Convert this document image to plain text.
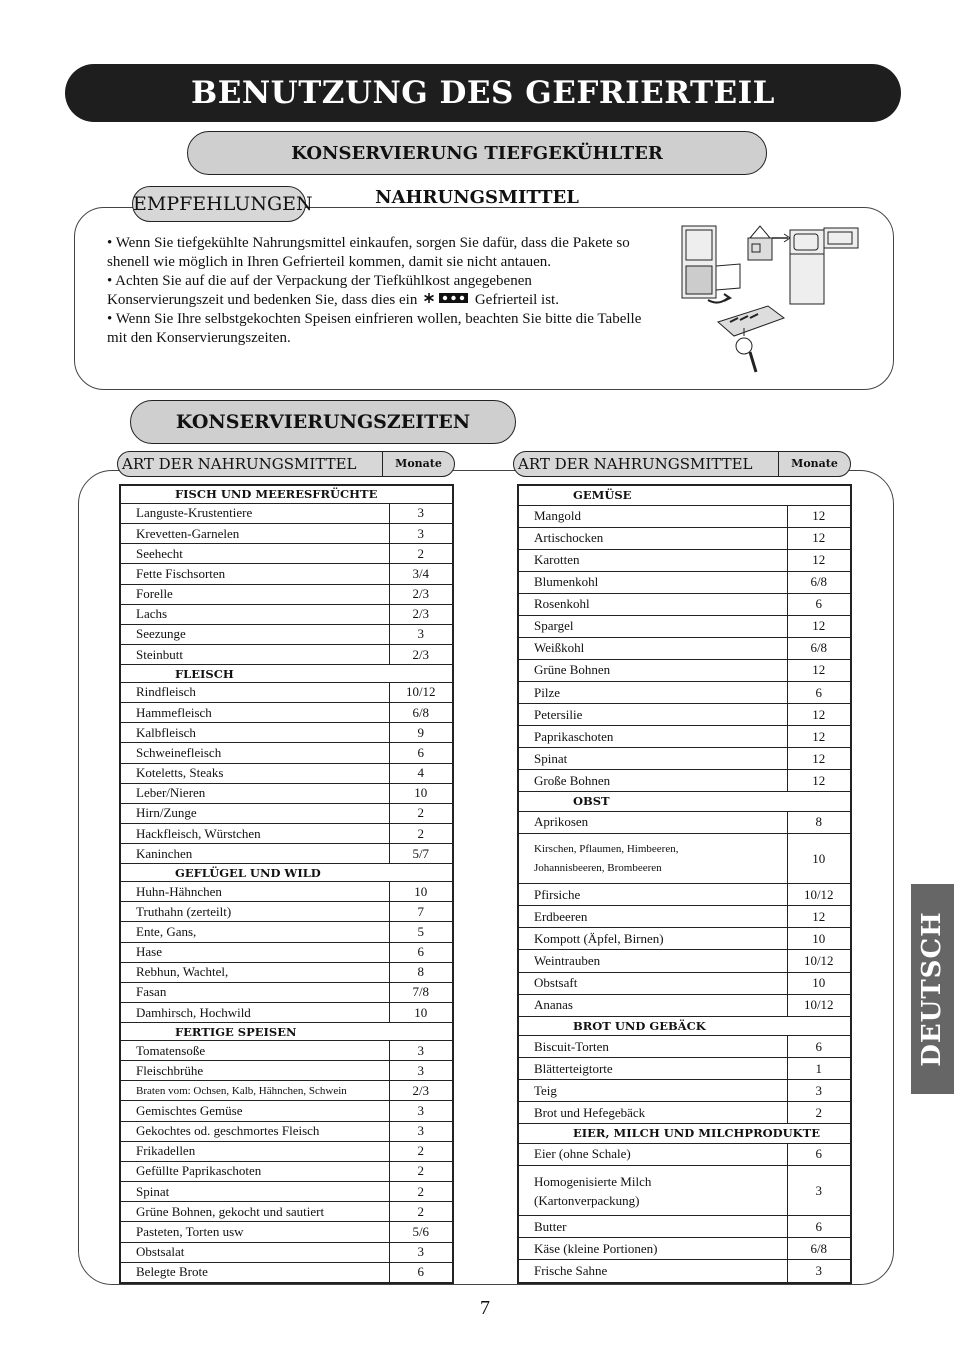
BENUTZUNG DES GEFRIERTEIL
KONSERVIERUNG TIEFGEKÜHLTER NAHRUNGSMITTEL
EMPFEHLUNGEN

• Wenn Sie tiefgekühlte Nahrungsmittel einkaufen, sorgen Sie dafür, dass die Pakete so shenell wie möglich in Ihren Gefrierteil kommen, damit sie nicht antauen.

• Achten Sie auf die auf der Verpackung der Tiefkühlkost angegebenen Konservierungszeit und bedenken Sie, dass dies ein	Gefrierteil ist.

• Wenn Sie Ihre selbstgekochten Speisen einfrieren wollen, beachten Sie bitte die Tabelle mit den Konservierungszeiten.

KONSERVIERUNGSZEITEN
ART DER NAHRUNGSMITTEL	Monate	ART DER NAHRUNGSMITTEL	Monate
FISCH UND MEERESFRÜCHTE	
Languste-Krustentiere	3
Krevetten-Garnelen	3
Seehecht	2
Fette Fischsorten	3/4
Forelle	2/3
Lachs	2/3
Seezunge	3
Steinbutt	2/3
FLEISCH	
Rindfleisch	10/12
Hammefleisch	6/8
Kalbfleisch	9
Schweinefleisch	6
Koteletts, Steaks	4
Leber/Nieren	10
Hirn/Zunge	2
Hackfleisch, Würstchen	2
Kaninchen	5/7
GEFLÜGEL UND WILD	
Huhn-Hähnchen	10
Truthahn (zerteilt)	7
Ente, Gans,	5
Hase	6
Rebhun, Wachtel,	8
Fasan	7/8
Damhirsch, Hochwild	10
FERTIGE SPEISEN	
Tomatensoße	3
Fleischbrühe	3
Braten vom: Ochsen, Kalb, Hähnchen, Schwein	2/3
Gemischtes Gemüse	3
Gekochtes od. geschmortes Fleisch	3
Frikadellen	2
Gefüllte Paprikaschoten	2
Spinat	2
Grüne Bohnen, gekocht und sautiert	2
Pasteten, Torten usw	5/6
Obstsalat	3
Belegte Brote	6
GEMÜSE	
Mangold	12
Artischocken	12
Karotten	12
Blumenkohl	6/8
Rosenkohl	6
Spargel	12
Weißkohl	6/8
Grüne Bohnen	12
Pilze	6
Petersilie	12
Paprikaschoten	12
Spinat	12
Große Bohnen	12
OBST	
Aprikosen	8
Kirschen, Pflaumen, Himbeeren,
Johannisbeeren, Brombeeren	10
Pfirsiche	10/12
Erdbeeren	12
Kompott (Äpfel, Birnen)	10
Weintrauben	10/12
Obstsaft	10
Ananas	10/12
BROT UND GEBÄCK	
Biscuit-Torten	6
Blätterteigtorte	1
Teig	3
Brot und Hefegebäck	2
EIER, MILCH UND MILCHPRODUKTE	
Eier (ohne Schale)	6
Homogenisierte Milch
(Kartonverpackung)	3
Butter	6
Käse (kleine Portionen)	6/8
Frische Sahne	3
DEUTSCH
7
